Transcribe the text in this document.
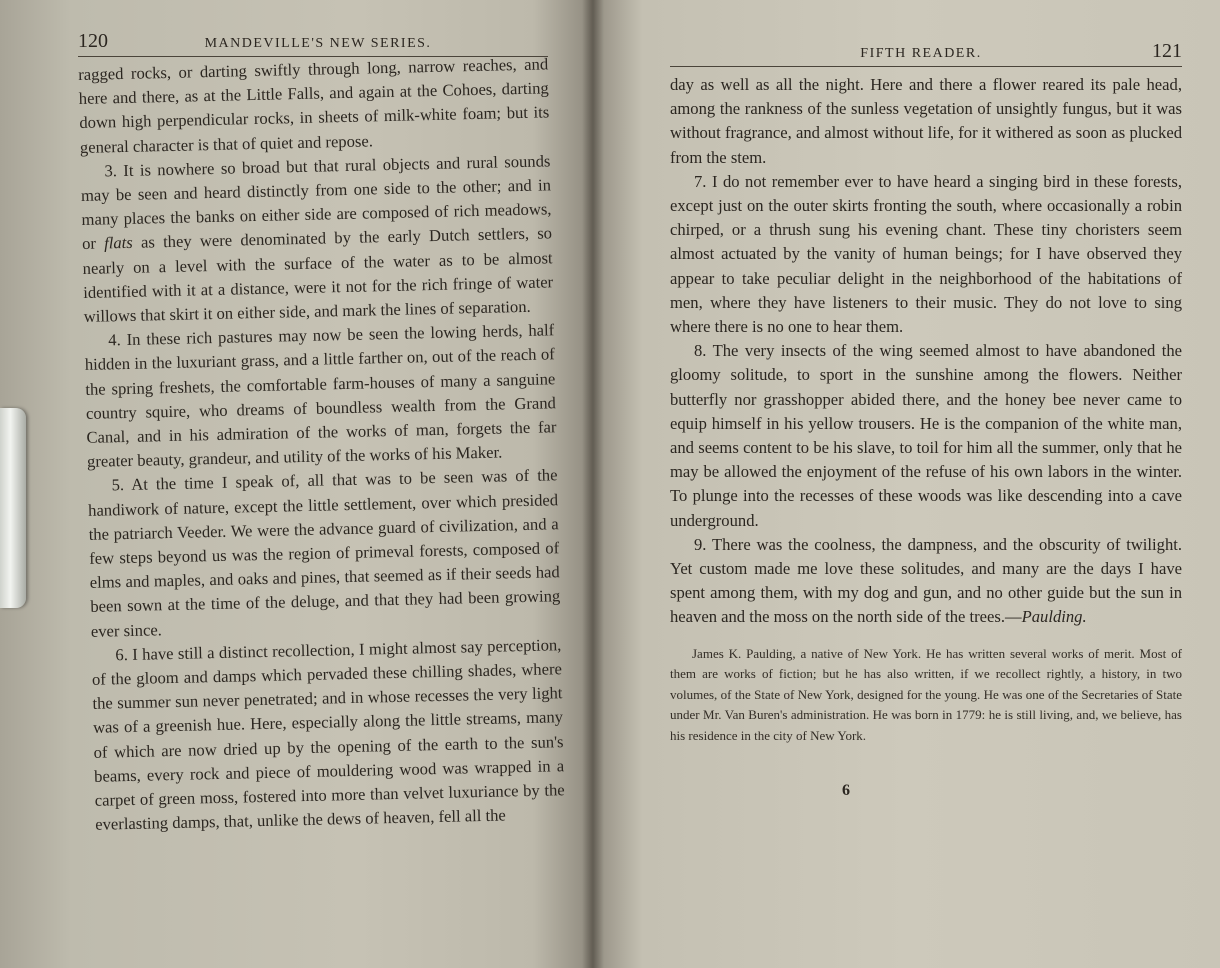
120	MANDEVILLE'S NEW SERIES.

ragged rocks, or darting swiftly through long, narrow reaches, and here and there, as at the Little Falls, and again at the Cohoes, darting down high perpendicular rocks, in sheets of milk-white foam; but its general character is that of quiet and repose.

3. It is nowhere so broad but that rural objects and rural sounds may be seen and heard distinctly from one side to the other; and in many places the banks on either side are composed of rich meadows, or flats as they were denominated by the early Dutch settlers, so nearly on a level with the surface of the water as to be almost identified with it at a distance, were it not for the rich fringe of water willows that skirt it on either side, and mark the lines of separation.

4. In these rich pastures may now be seen the lowing herds, half hidden in the luxuriant grass, and a little farther on, out of the reach of the spring freshets, the comfortable farm-houses of many a sanguine country squire, who dreams of boundless wealth from the Grand Canal, and in his admiration of the works of man, forgets the far greater beauty, grandeur, and utility of the works of his Maker.

5. At the time I speak of, all that was to be seen was of the handiwork of nature, except the little settlement, over which presided the patriarch Veeder. We were the advance guard of civilization, and a few steps beyond us was the region of primeval forests, composed of elms and maples, and oaks and pines, that seemed as if their seeds had been sown at the time of the deluge, and that they had been growing ever since.

6. I have still a distinct recollection, I might almost say perception, of the gloom and damps which pervaded these chilling shades, where the summer sun never penetrated; and in whose recesses the very light was of a greenish hue. Here, especially along the little streams, many of which are now dried up by the opening of the earth to the sun's beams, every rock and piece of mouldering wood was wrapped in a carpet of green moss, fostered into more than velvet luxuriance by the everlasting damps, that, unlike the dews of heaven, fell all the

FIFTH READER.	121

day as well as all the night. Here and there a flower reared its pale head, among the rankness of the sunless vegetation of unsightly fungus, but it was without fragrance, and almost without life, for it withered as soon as plucked from the stem.

7. I do not remember ever to have heard a singing bird in these forests, except just on the outer skirts fronting the south, where occasionally a robin chirped, or a thrush sung his evening chant. These tiny choristers seem almost actuated by the vanity of human beings; for I have observed they appear to take peculiar delight in the neighborhood of the habitations of men, where they have listeners to their music. They do not love to sing where there is no one to hear them.

8. The very insects of the wing seemed almost to have abandoned the gloomy solitude, to sport in the sunshine among the flowers. Neither butterfly nor grasshopper abided there, and the honey bee never came to equip himself in his yellow trousers. He is the companion of the white man, and seems content to be his slave, to toil for him all the summer, only that he may be allowed the enjoyment of the refuse of his own labors in the winter. To plunge into the recesses of these woods was like descending into a cave underground.

9. There was the coolness, the dampness, and the obscurity of twilight. Yet custom made me love these solitudes, and many are the days I have spent among them, with my dog and gun, and no other guide but the sun in heaven and the moss on the north side of the trees.—Paulding.

James K. Paulding, a native of New York. He has written several works of merit. Most of them are works of fiction; but he has also written, if we recollect rightly, a history, in two volumes, of the State of New York, designed for the young. He was one of the Secretaries of State under Mr. Van Buren's administration. He was born in 1779: he is still living, and, we believe, has his residence in the city of New York.
6
